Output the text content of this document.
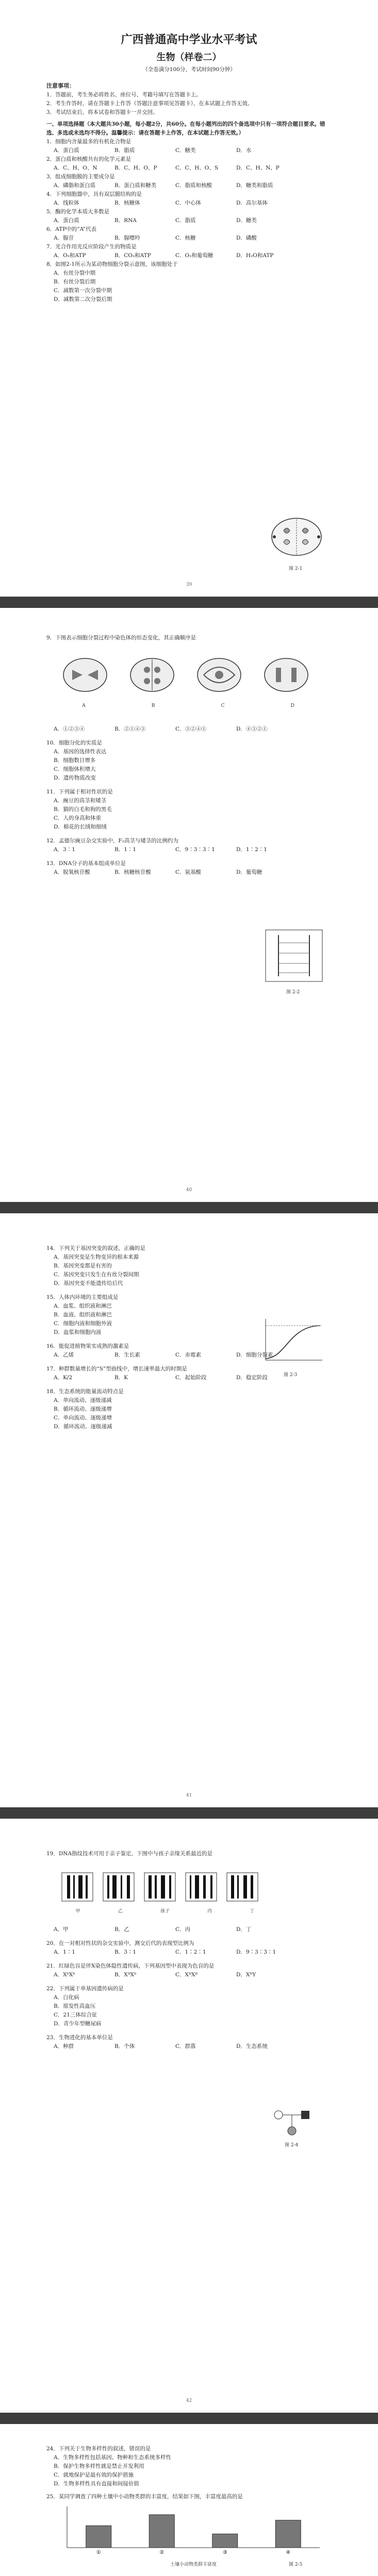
广西普通高中学业水平考试

生物（样卷二）

（全卷满分100分，考试时间90分钟）

注意事项：

1．答题前，考生务必将姓名、座位号、考籍号填写在答题卡上。

2．考生作答时，请在答题卡上作答（答题注意事项见答题卡），在本试题上作答无效。

3．考试结束后，将本试卷和答题卡一并交回。

一、单项选择题（本大题共30小题，每小题2分，共60分。在每小题列出的四个备选项中只有一项符合题目要求。错选、多选或未选均不得分。温馨提示：请在答题卡上作答，在本试题上作答无效。）

1．细胞内含量最多的有机化合物是

A．蛋白质	B．脂质	C．糖类	D．水

2．蛋白质和核酸共有的化学元素是

A．C、H、O、N	B．C、H、O、P	C．C、H、O、S	D．C、H、N、P

3．组成细胞膜的主要成分是

A．磷脂和蛋白质	B．蛋白质和糖类	C．脂质和核酸	D．糖类和脂质

4．下列细胞器中，具有双层膜结构的是

A．线粒体	B．核糖体	C．中心体	D．高尔基体

5．酶的化学本质大多数是

A．蛋白质	B．RNA	C．脂质	D．糖类

6．ATP中的“A”代表

A．腺苷	B．腺嘌呤	C．核糖	D．磷酸

7．光合作用光反应阶段产生的物质是

A．O₂和ATP	B．CO₂和ATP	C．O₂和葡萄糖	D．H₂O和ATP

8．如图2-1所示为某动物细胞分裂示意图，该细胞处于

A．有丝分裂中期

B．有丝分裂后期

C．减数第一次分裂中期

D．减数第二次分裂后期

图 2-1
39

9．下图表示细胞分裂过程中染色体的形态变化，其正确顺序是

A	B	C	D
A．①②③④	B．②①④③	C．③②④①	D．④③②①

10．细胞分化的实质是

A．基因的选择性表达

B．细胞数目增多

C．细胞体积增大

D．遗传物质改变

11．下列属于相对性状的是

A．豌豆的高茎和矮茎

B．猫的白毛和狗的黑毛

C．人的身高和体重

D．棉花的长绒和细绒

12．孟德尔豌豆杂交实验中，F₂高茎与矮茎的比例约为

A．3∶1	B．1∶1	C．9∶3∶3∶1	D．1∶2∶1

13．DNA分子的基本组成单位是

A．脱氧核苷酸	B．核糖核苷酸	C．氨基酸	D．葡萄糖
图 2-2
40

14．下列关于基因突变的叙述，正确的是

A．基因突变是生物变异的根本来源

B．基因突变都是有害的

C．基因突变只发生在有丝分裂间期

D．基因突变不能遗传给后代

15．人体内环境的主要组成是

A．血浆、组织液和淋巴

B．血液、组织液和淋巴

C．细胞内液和细胞外液

D．血浆和细胞内液

16．能促进植物果实成熟的激素是

A．乙烯	B．生长素	C．赤霉素	D．细胞分裂素

17．种群数量增长的“S”型曲线中，增长速率最大的时期是

A．K/2	B．K	C．起始阶段	D．稳定阶段

18．生态系统的能量流动特点是

A．单向流动、逐级递减

B．循环流动、逐级递增

C．单向流动、逐级递增

D．循环流动、逐级递减

图 2-3
41

19．DNA指纹技术可用于亲子鉴定，下图中与孩子亲缘关系最近的是

甲	乙	孩子	丙	丁
A．甲	B．乙	C．丙	D．丁

20．在一对相对性状的杂交实验中，测交后代的表现型比例为

A．1∶1	B．3∶1	C．1∶2∶1	D．9∶3∶3∶1

21．红绿色盲是伴X染色体隐性遗传病，下列基因型中表现为色盲的是

A．XᵇXᵇ	B．XᴮXᵇ	C．XᴮXᴮ	D．XᴮY

22．下列属于单基因遗传病的是

A．白化病

B．原发性高血压

C．21三体综合征

D．青少年型糖尿病

23．生物进化的基本单位是

A．种群	B．个体	C．群落	D．生态系统
图 2-4
42

24．下列关于生物多样性的叙述，错误的是

A．生物多样性包括基因、物种和生态系统多样性

B．保护生物多样性就是禁止开发利用

C．就地保护是最有效的保护措施

D．生物多样性具有直接和间接价值

25．某同学调查了四种土壤中小动物类群的丰富度，结果如下图，丰富度最高的是

①	②	③	④
土壤小动物类群丰富度	图 2-5
